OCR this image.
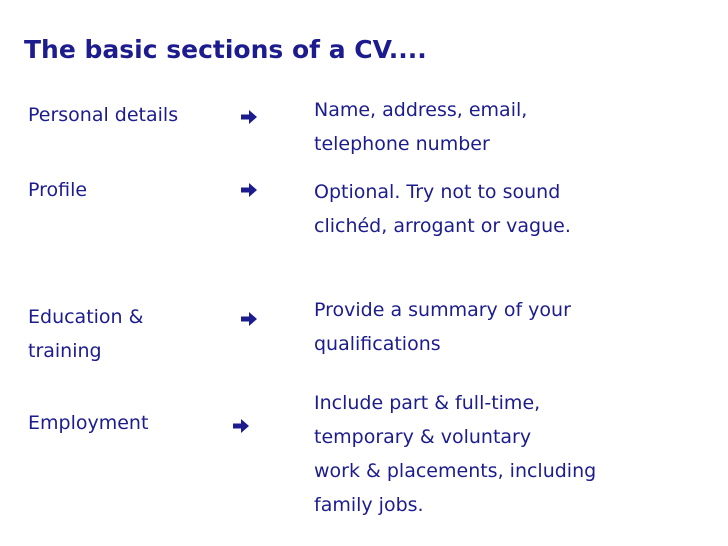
The basic sections of a CV....
Personal details	Name, address, email,
telephone number
Profile	Optional. Try not to sound
clichéd, arrogant or vague.
Education &
training
Provide a summary of your
qualifications
Employment
Include part & full-time,
temporary & voluntary
work & placements, including
family jobs.
